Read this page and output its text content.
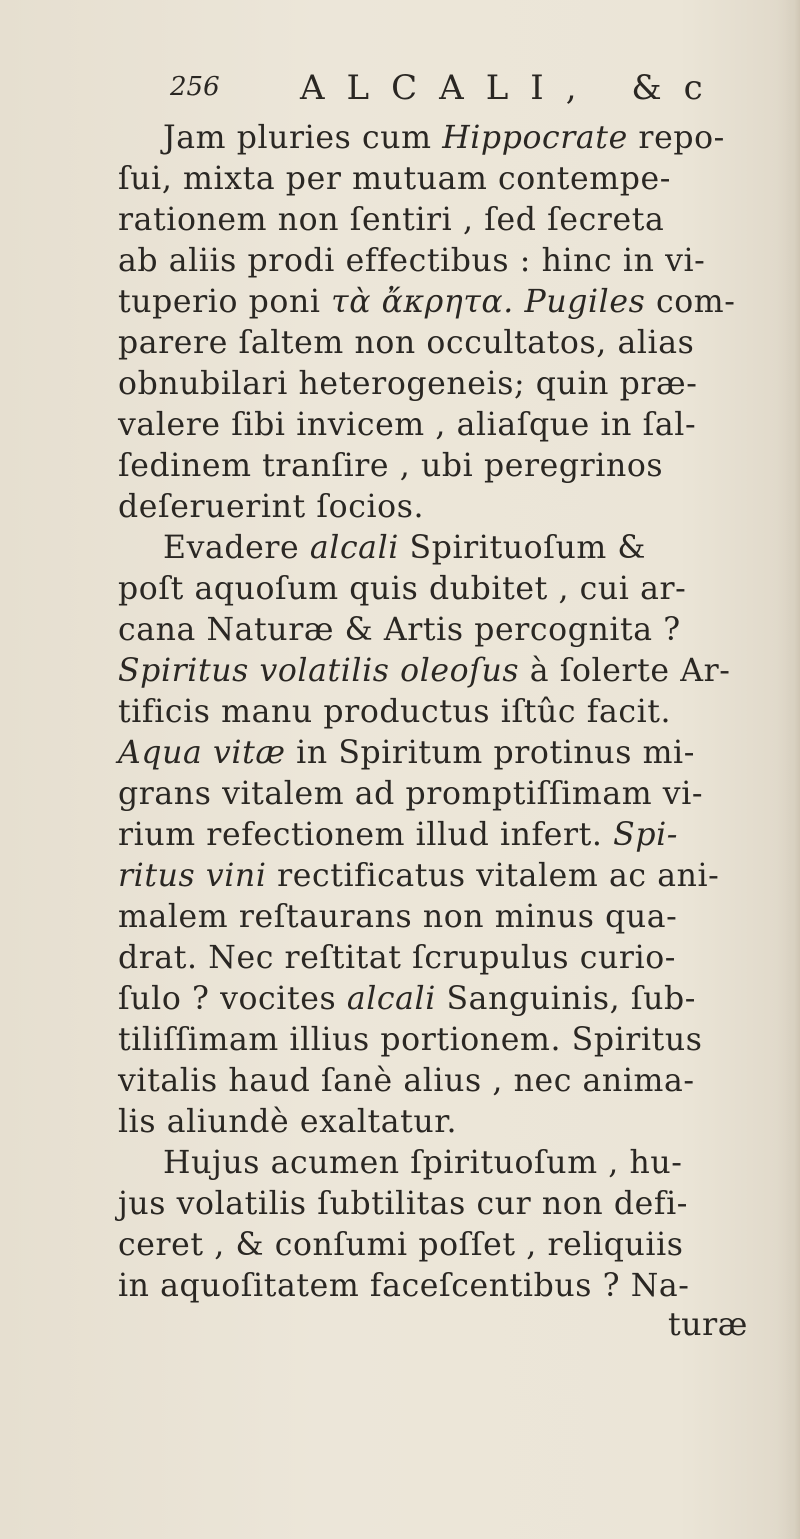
256 ALCALI, &c
Jam pluries cum Hippocrate repo-
ſui, mixta per mutuam contempe-
rationem non ſentiri , ſed ſecreta
ab aliis prodi effectibus : hinc in vi-
tuperio poni τὰ ἄκρητα. Pugiles com-
parere ſaltem non occultatos, alias
obnubilari heterogeneis; quin præ-
valere ſibi invicem , aliaſque in ſal-
ſedinem tranſire , ubi peregrinos
deſeruerint ſocios.
Evadere alcali Spirituoſum &
poſt aquoſum quis dubitet , cui ar-
cana Naturæ & Artis percognita ?
Spiritus volatilis oleoſus à ſolerte Ar-
tificis manu productus iſtûc facit.
Aqua vitæ in Spiritum protinus mi-
grans vitalem ad promptiſſimam vi-
rium refectionem illud infert. Spi-
ritus vini rectificatus vitalem ac ani-
malem reſtaurans non minus qua-
drat. Nec reſtitat ſcrupulus curio-
ſulo ? vocites alcali Sanguinis, ſub-
tiliſſimam illius portionem. Spiritus
vitalis haud ſanè alius , nec anima-
lis aliundè exaltatur.
Hujus acumen ſpirituoſum , hu-
jus volatilis ſubtilitas cur non defi-
ceret , & conſumi poſſet , reliquiis
in aquoſitatem faceſcentibus ? Na-
turæ
